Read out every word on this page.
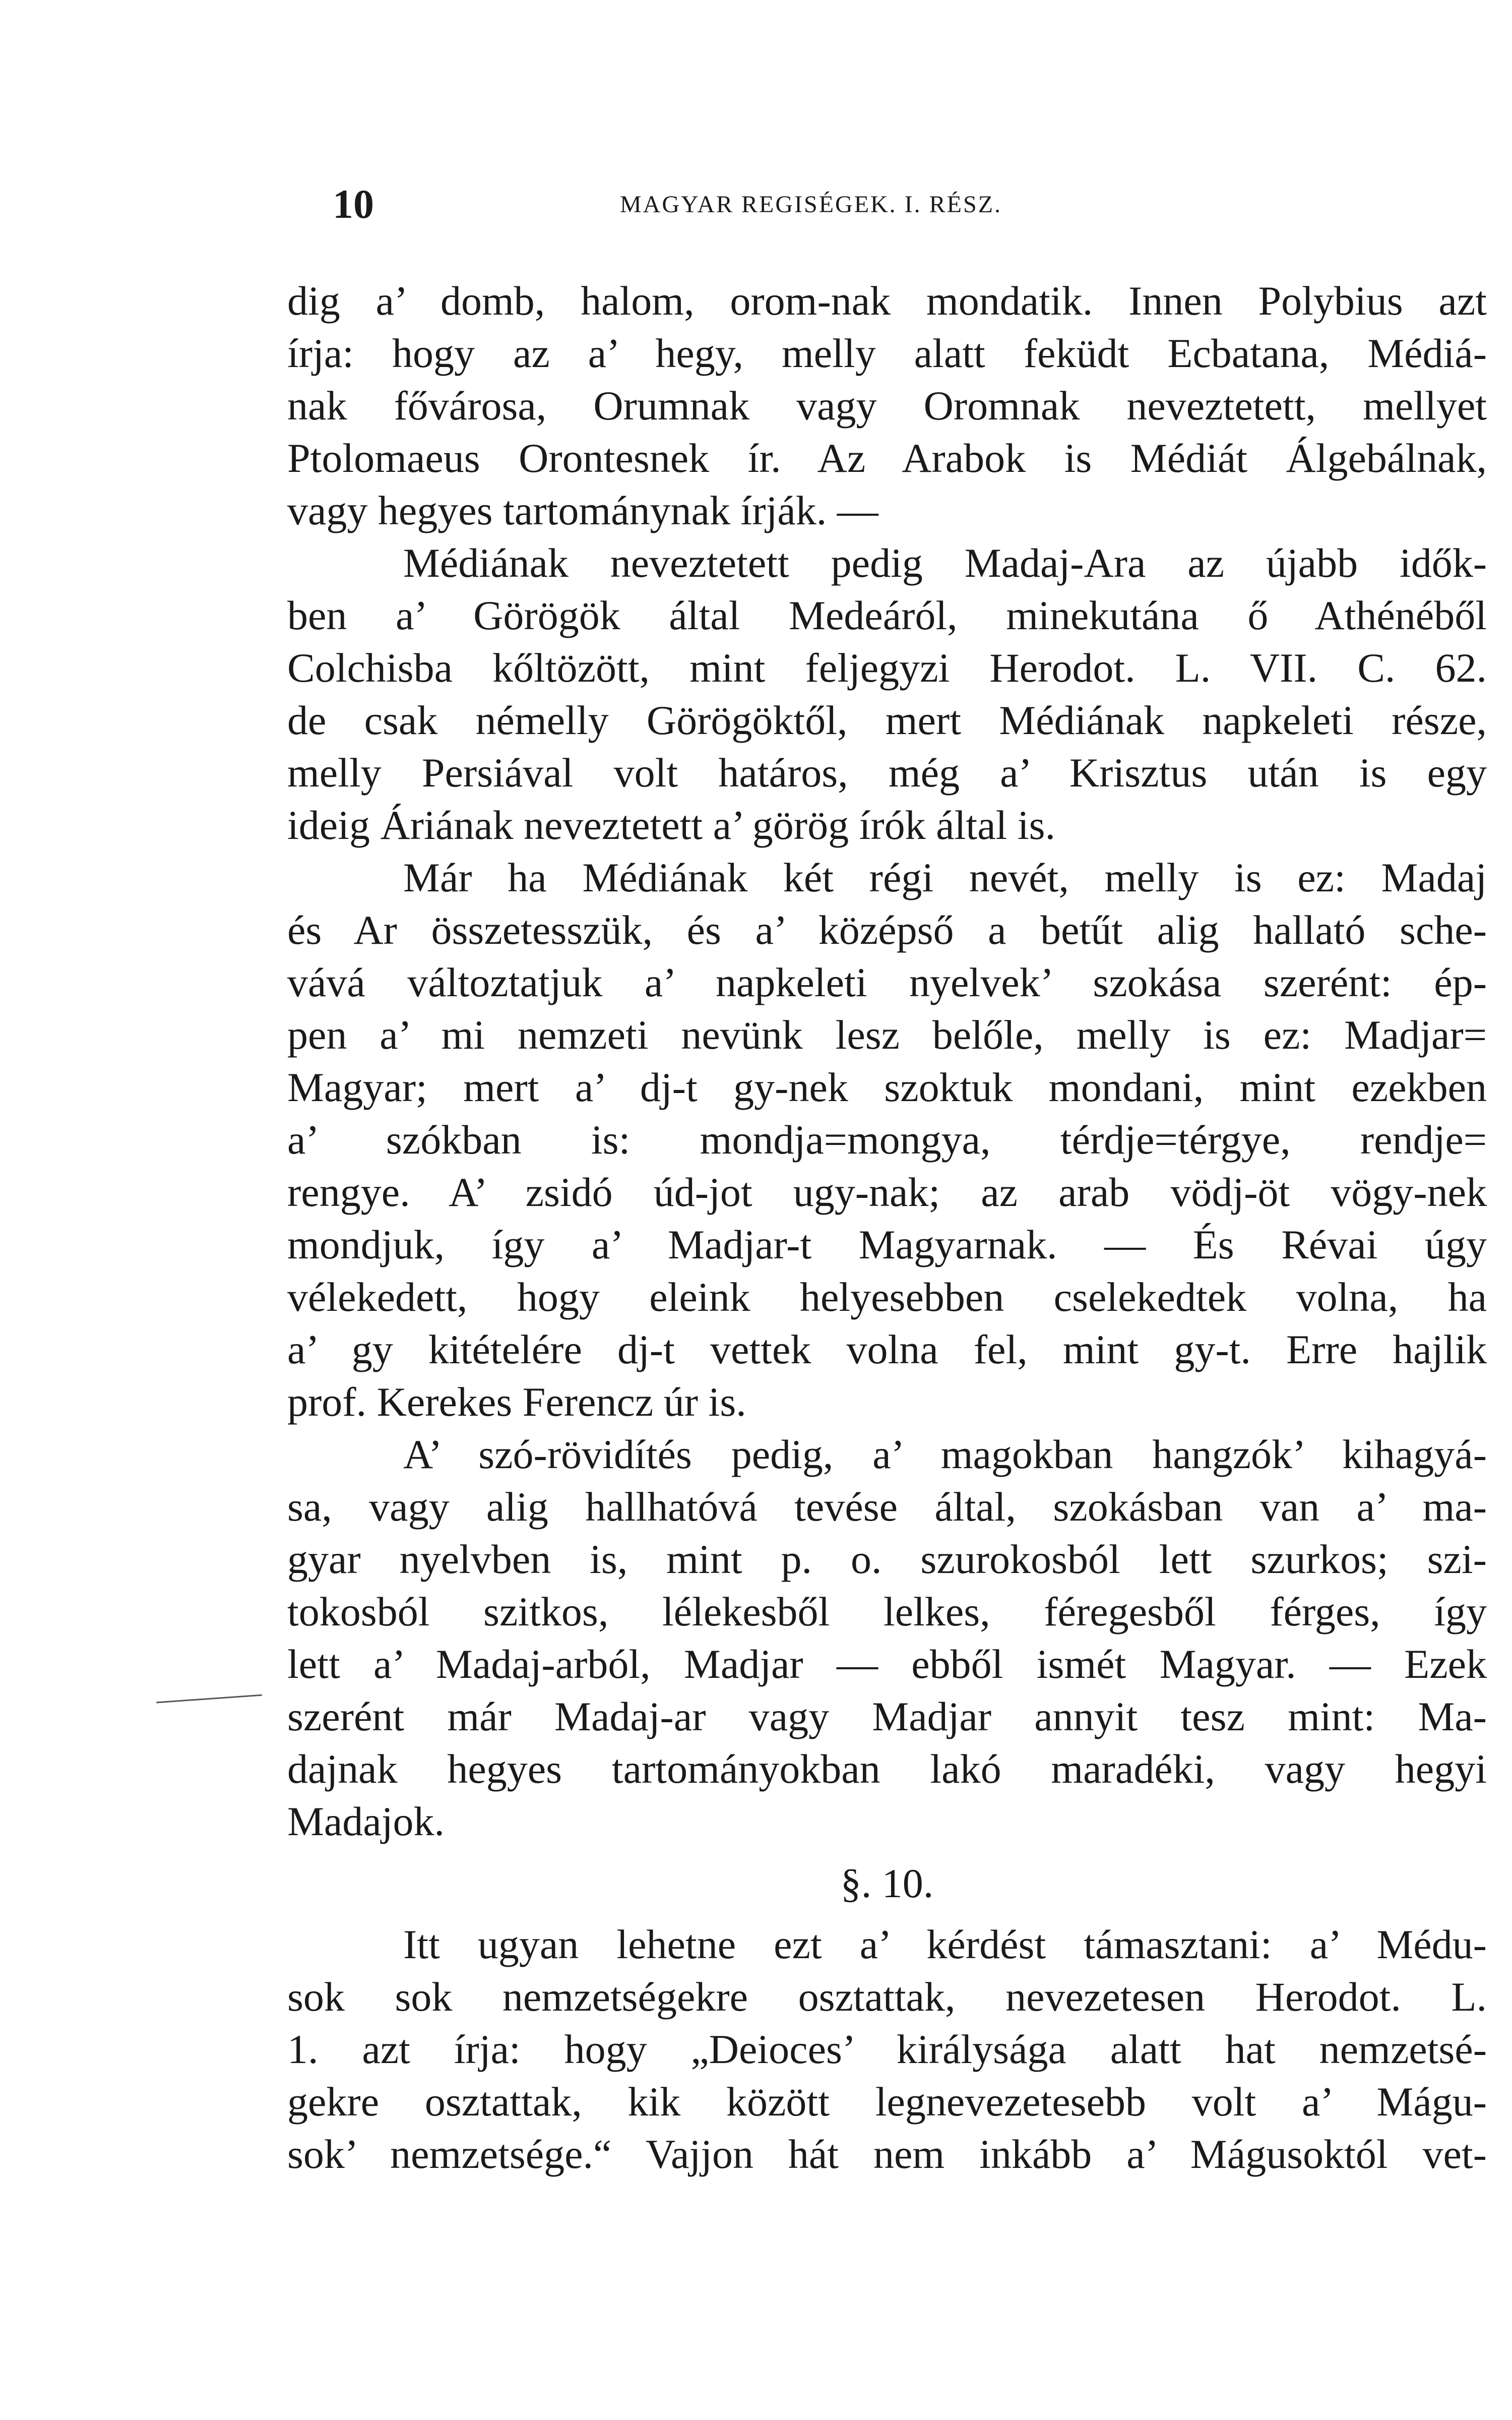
10	MAGYAR REGISÉGEK. I. RÉSZ.
dig a’ domb, halom, orom-nak mondatik. Innen Polybius azt
írja: hogy az a’ hegy, melly alatt feküdt Ecbatana, Médiá-
nak fővárosa, Orumnak vagy Oromnak neveztetett, mellyet
Ptolomaeus Orontesnek ír. Az Arabok is Médiát Álgebálnak,
vagy hegyes tartománynak írják. —
Médiának neveztetett pedig Madaj-Ara az újabb idők-
ben a’ Görögök által Medeáról, minekutána ő Athénéből
Colchisba kőltözött, mint feljegyzi Herodot. L. VII. C. 62.
de csak némelly Görögöktől, mert Médiának napkeleti része,
melly Persiával volt határos, még a’ Krisztus után is egy
ideig Áriának neveztetett a’ görög írók által is.
Már ha Médiának két régi nevét, melly is ez: Madaj
és Ar összetesszük, és a’ középső a betűt alig hallató sche-
vává változtatjuk a’ napkeleti nyelvek’ szokása szerént: ép-
pen a’ mi nemzeti nevünk lesz belőle, melly is ez: Madjar=
Magyar; mert a’ dj-t gy-nek szoktuk mondani, mint ezekben
a’ szókban is: mondja=mongya, térdje=térgye, rendje=
rengye. A’ zsidó úd-jot ugy-nak; az arab vödj-öt vögy-nek
mondjuk, így a’ Madjar-t Magyarnak. — És Révai úgy
vélekedett, hogy eleink helyesebben cselekedtek volna, ha
a’ gy kitételére dj-t vettek volna fel, mint gy-t. Erre hajlik
prof. Kerekes Ferencz úr is.
A’ szó-rövidítés pedig, a’ magokban hangzók’ kihagyá-
sa, vagy alig hallhatóvá tevése által, szokásban van a’ ma-
gyar nyelvben is, mint p. o. szurokosból lett szurkos; szi-
tokosból szitkos, lélekesből lelkes, féregesből férges, így
lett a’ Madaj-arból, Madjar — ebből ismét Magyar. — Ezek
szerént már Madaj-ar vagy Madjar annyit tesz mint: Ma-
dajnak hegyes tartományokban lakó maradéki, vagy hegyi
Madajok.
§. 10.
Itt ugyan lehetne ezt a’ kérdést támasztani: a’ Médu-
sok sok nemzetségekre osztattak, nevezetesen Herodot. L.
1. azt írja: hogy „Deioces’ királysága alatt hat nemzetsé-
gekre osztattak, kik között legnevezetesebb volt a’ Mágu-
sok’ nemzetsége.“ Vajjon hát nem inkább a’ Mágusoktól vet-
